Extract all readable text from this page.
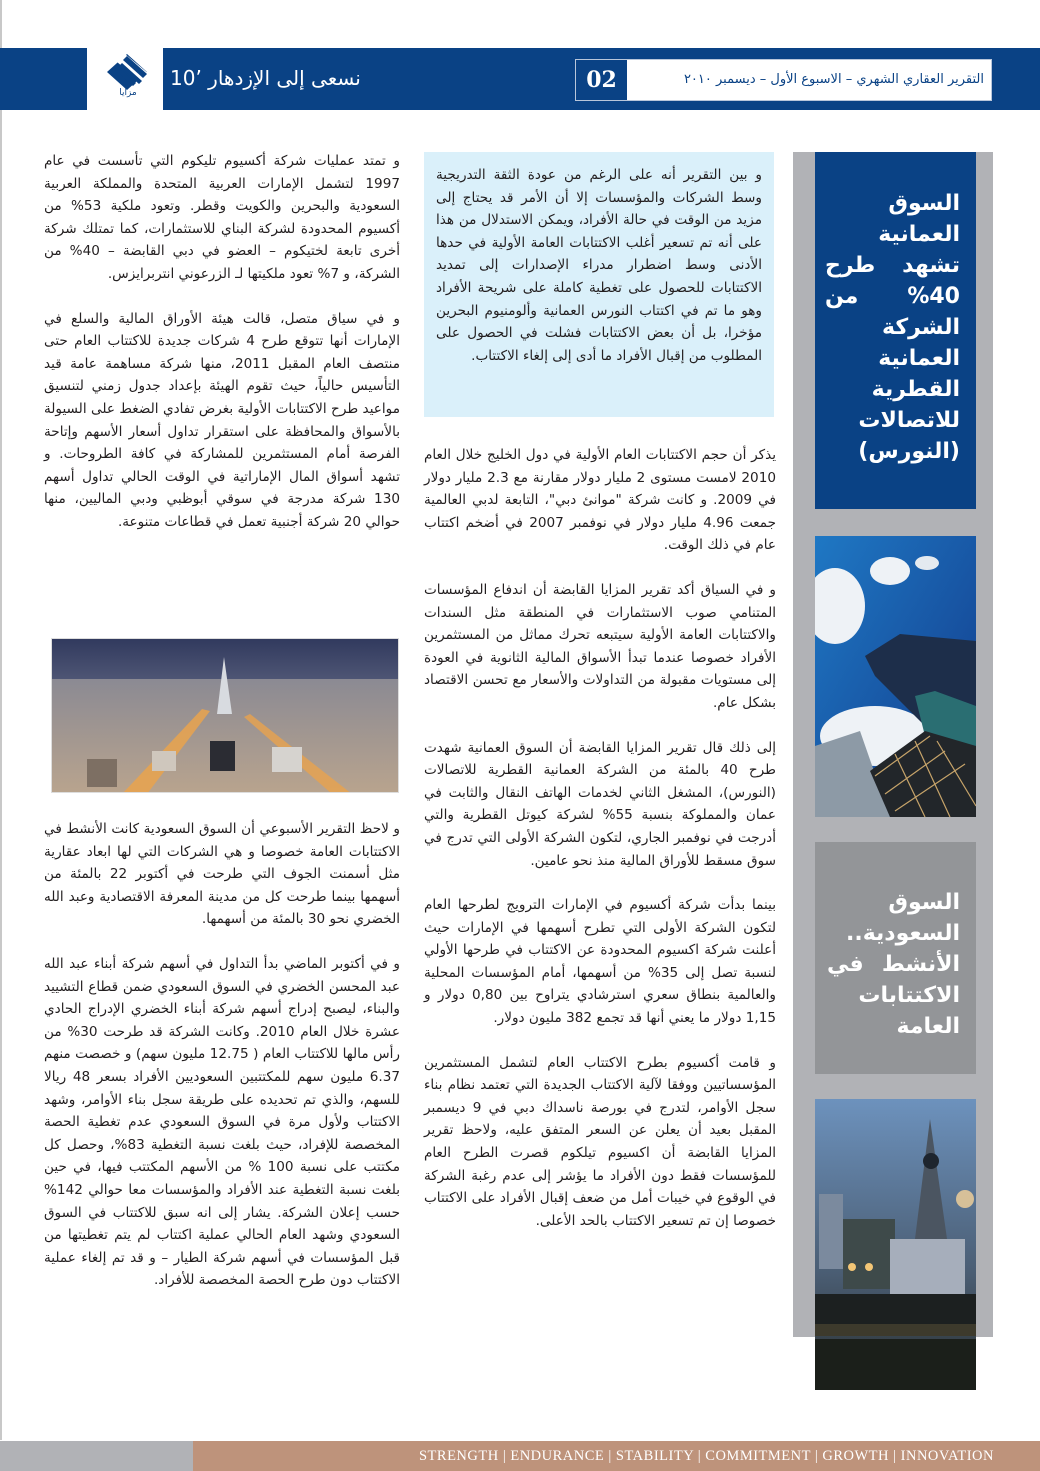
مزايا
نسعى إلى الإزدهار ’10	02	التقرير العقاري الشهري – الاسبوع الأول – ديسمبر ٢٠١٠
السوق العمانية تشهد طرح 40% من الشركة العمانية القطرية للاتصالات (النورس)
السوق السعودية.. الأنشط في الاكتتابات العامة
و بين التقرير أنه على الرغم من عودة الثقة التدريجية وسط الشركات والمؤسسات إلا أن الأمر قد يحتاج إلى مزيد من الوقت في حالة الأفراد، ويمكن الاستدلال من هذا على أنه تم تسعير أغلب الاكتتابات العامة الأولية في حدها الأدنى وسط اضطرار مدراء الإصدارات إلى تمديد الاكتتابات للحصول على تغطية كاملة على شريحة الأفراد وهو ما تم في اكتتاب النورس العمانية وألومنيوم البحرين مؤخرا، بل أن بعض الاكتتابات فشلت في الحصول على المطلوب من إقبال الأفراد ما أدى إلى إلغاء الاكتتاب.

يذكر أن حجم الاكتتابات العام الأولية في دول الخليج خلال العام 2010 لامست مستوى 2 مليار دولار مقارنة مع 2.3 مليار دولار في 2009. و كانت شركة "موانئ دبي"، التابعة لدبي العالمية جمعت 4.96 مليار دولار في نوفمبر 2007 في أضخم اكتتاب عام في ذلك الوقت.

و في السياق أكد تقرير المزايا القابضة أن اندفاع المؤسسات المتنامي صوب الاستثمارات في المنطقة مثل السندات والاكتتابات العامة الأولية سيتبعه تحرك مماثل من المستثمرين الأفراد خصوصا عندما تبدأ الأسواق المالية الثانوية في العودة إلى مستويات مقبولة من التداولات والأسعار مع تحسن الاقتصاد بشكل عام.

إلى ذلك قال تقرير المزايا القابضة أن السوق العمانية شهدت طرح 40 بالمئة من الشركة العمانية القطرية للاتصالات (النورس)، المشغل الثاني لخدمات الهاتف النقال والثابت في عمان والمملوكة بنسبة 55% لشركة كيوتل القطرية والتي أدرجت في نوفمبر الجاري، لتكون الشركة الأولى التي تدرج في سوق مسقط للأوراق المالية منذ نحو عامين.

بينما بدأت شركة أكسيوم في الإمارات الترويج لطرحها العام لتكون الشركة الأولى التي تطرح أسهمها في الإمارات حيث أعلنت شركة اكسيوم المحدودة عن الاكتتاب في طرحها الأولي لنسبة تصل إلى 35% من أسهمها، أمام المؤسسات المحلية والعالمية بنطاق سعري استرشادي يتراوح بين 0,80 دولار و 1,15 دولار ما يعني أنها قد تجمع 382 مليون دولار.

و قامت أكسيوم بطرح الاكتتاب العام لتشمل المستثمرين المؤسساتيين ووفقا لآلية الاكتتاب الجديدة التي تعتمد نظام بناء سجل الأوامر، لتدرج في بورصة ناسداك دبي في 9 ديسمبر المقبل بعيد أن يعلن عن السعر المتفق عليه، ولاحظ تقرير المزايا القابضة أن اكسيوم تيلكوم قصرت الطرح العام للمؤسسات فقط دون الأفراد ما يؤشر إلى عدم رغبة الشركة في الوقوع في خيبات أمل من ضعف إقبال الأفراد على الاكتتاب خصوصا إن تم تسعير الاكتتاب بالحد الأعلى.

و تمتد عمليات شركة أكسيوم تليكوم التي تأسست في عام 1997 لتشمل الإمارات العربية المتحدة والمملكة العربية السعودية والبحرين والكويت وقطر. وتعود ملكية 53% من أكسيوم المحدودة لشركة البناي للاستثمارات، كما تمتلك شركة أخرى تابعة لختيكوم – العضو في دبي القابضة – 40% من الشركة، و 7% تعود ملكيتها لـ الزرعوني انتربرايزس.

و في سياق متصل، قالت هيئة الأوراق المالية والسلع في الإمارات أنها تتوقع طرح 4 شركات جديدة للاكتتاب العام حتى منتصف العام المقبل 2011، منها شركة مساهمة عامة قيد التأسيس حالياً، حيث تقوم الهيئة بإعداد جدول زمني لتنسيق مواعيد طرح الاكتتابات الأولية بغرض تفادي الضغط على السيولة بالأسواق والمحافظة على استقرار تداول أسعار الأسهم وإتاحة الفرصة أمام المستثمرين للمشاركة في كافة الطروحات. و تشهد أسواق المال الإماراتية في الوقت الحالي تداول أسهم 130 شركة مدرجة في سوقي أبوظبي ودبي الماليين، منها حوالي 20 شركة أجنبية تعمل في قطاعات متنوعة.

و لاحظ التقرير الأسبوعي أن السوق السعودية كانت الأنشط في الاكتتابات العامة خصوصا و هي الشركات التي لها ابعاد عقارية مثل أسمنت الجوف التي طرحت في أكتوبر 22 بالمئة من أسهمها بينما طرحت كل من مدينة المعرفة الاقتصادية وعبد الله الخضري نحو 30 بالمئة من أسهمها.

و في أكتوبر الماضي بدأ التداول في أسهم شركة أبناء عبد الله عبد المحسن الخضري في السوق السعودي ضمن قطاع التشييد والبناء، ليصبح إدراج أسهم شركة أبناء الخضري الإدراج الحادي عشرة خلال العام 2010. وكانت الشركة قد طرحت 30% من رأس مالها للاكتتاب العام ( 12.75 مليون سهم) و خصصت منهم 6.37 مليون سهم للمكتتبين السعوديين الأفراد بسعر 48 ريالا للسهم، والذي تم تحديده على طريقة سجل بناء الأوامر، وشهد الاكتتاب ولأول مرة في السوق السعودي عدم تغطية الحصة المخصصة للإفراد، حيث بلغت نسبة التغطية 83%، وحصل كل مكتتب على نسبة 100 % من الأسهم المكتتب فيها، في حين بلغت نسبة التغطية عند الأفراد والمؤسسات معا حوالي 142% حسب إعلان الشركة. يشار إلى انه سبق للاكتتاب في السوق السعودي وشهد العام الحالي عملية اكتتاب لم يتم تغطيتها من قبل المؤسسات في أسهم شركة الطيار – و قد تم إلغاء عملية الاكتتاب دون طرح الحصة المخصصة للأفراد.

STRENGTH | ENDURANCE | STABILITY | COMMITMENT | GROWTH | INNOVATION
